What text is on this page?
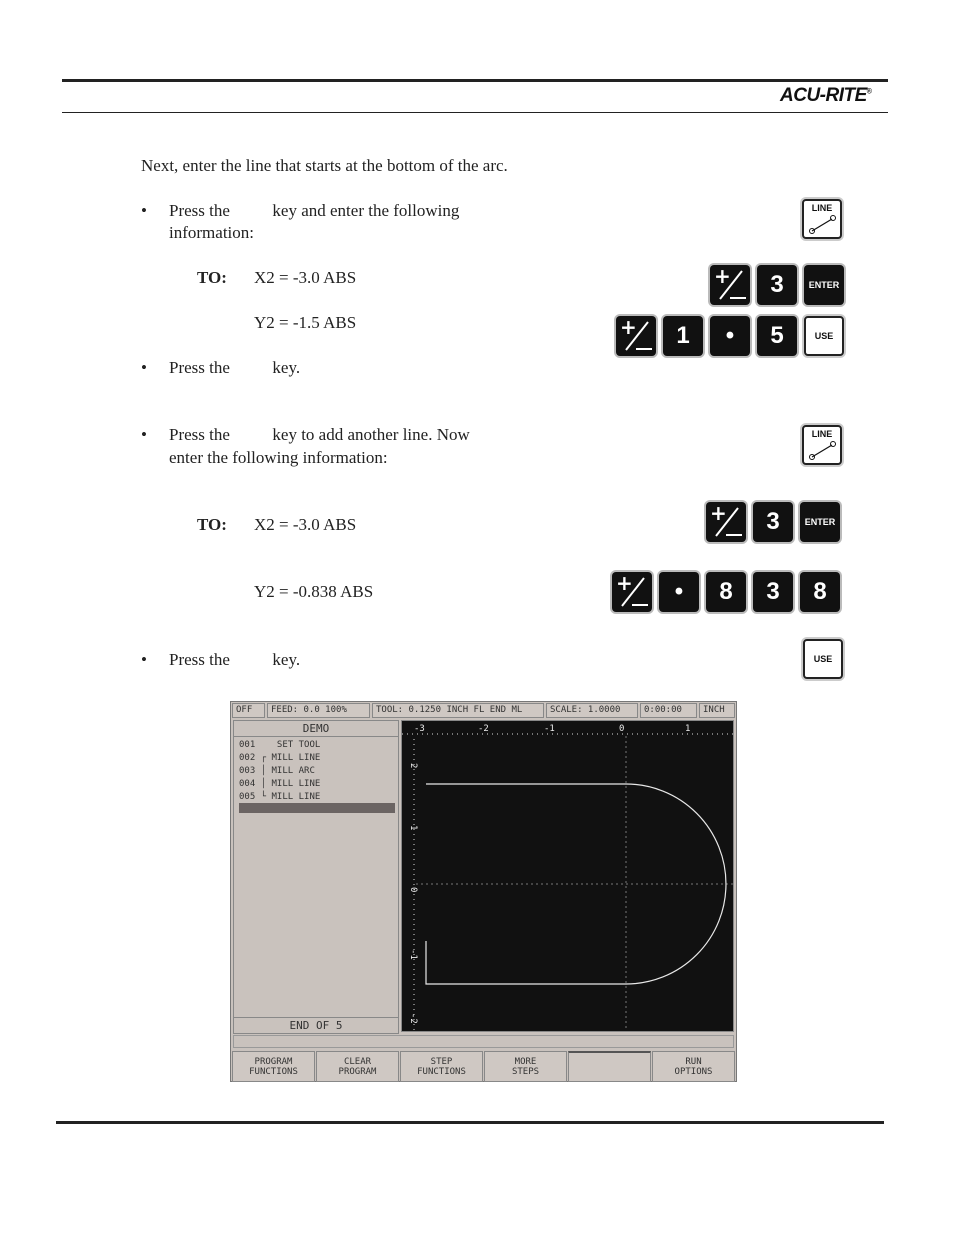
ACU-RITE®
Next, enter the line that starts at the bottom of the arc.
• Press the          key and enter the following
information:
TO: X2 = -3.0 ABS
Y2 = -1.5 ABS
• Press the          key.
• Press the          key to add another line. Now
enter the following information:
TO: X2 = -3.0 ABS
Y2 = -0.838 ABS
• Press the          key.
LINE
+ 3	ENTER
+ 1 • 5	USE
LINE
+ 3	ENTER
+ • 8 3 8
USE
OFF	FEED: 0.0 100%	TOOL: 0.1250 INCH FL END ML	SCALE: 1.0000	0:00:00	INCH
DEMO
001    SET TOOL
002 ┌ MILL LINE
003 │ MILL ARC
004 │ MILL LINE
005 └ MILL LINE
END OF 5
-3	-2	-1	0	1
2
1
0
-1
-2
PROGRAM
FUNCTIONS
CLEAR
PROGRAM
STEP
FUNCTIONS
MORE
STEPS
RUN
OPTIONS
